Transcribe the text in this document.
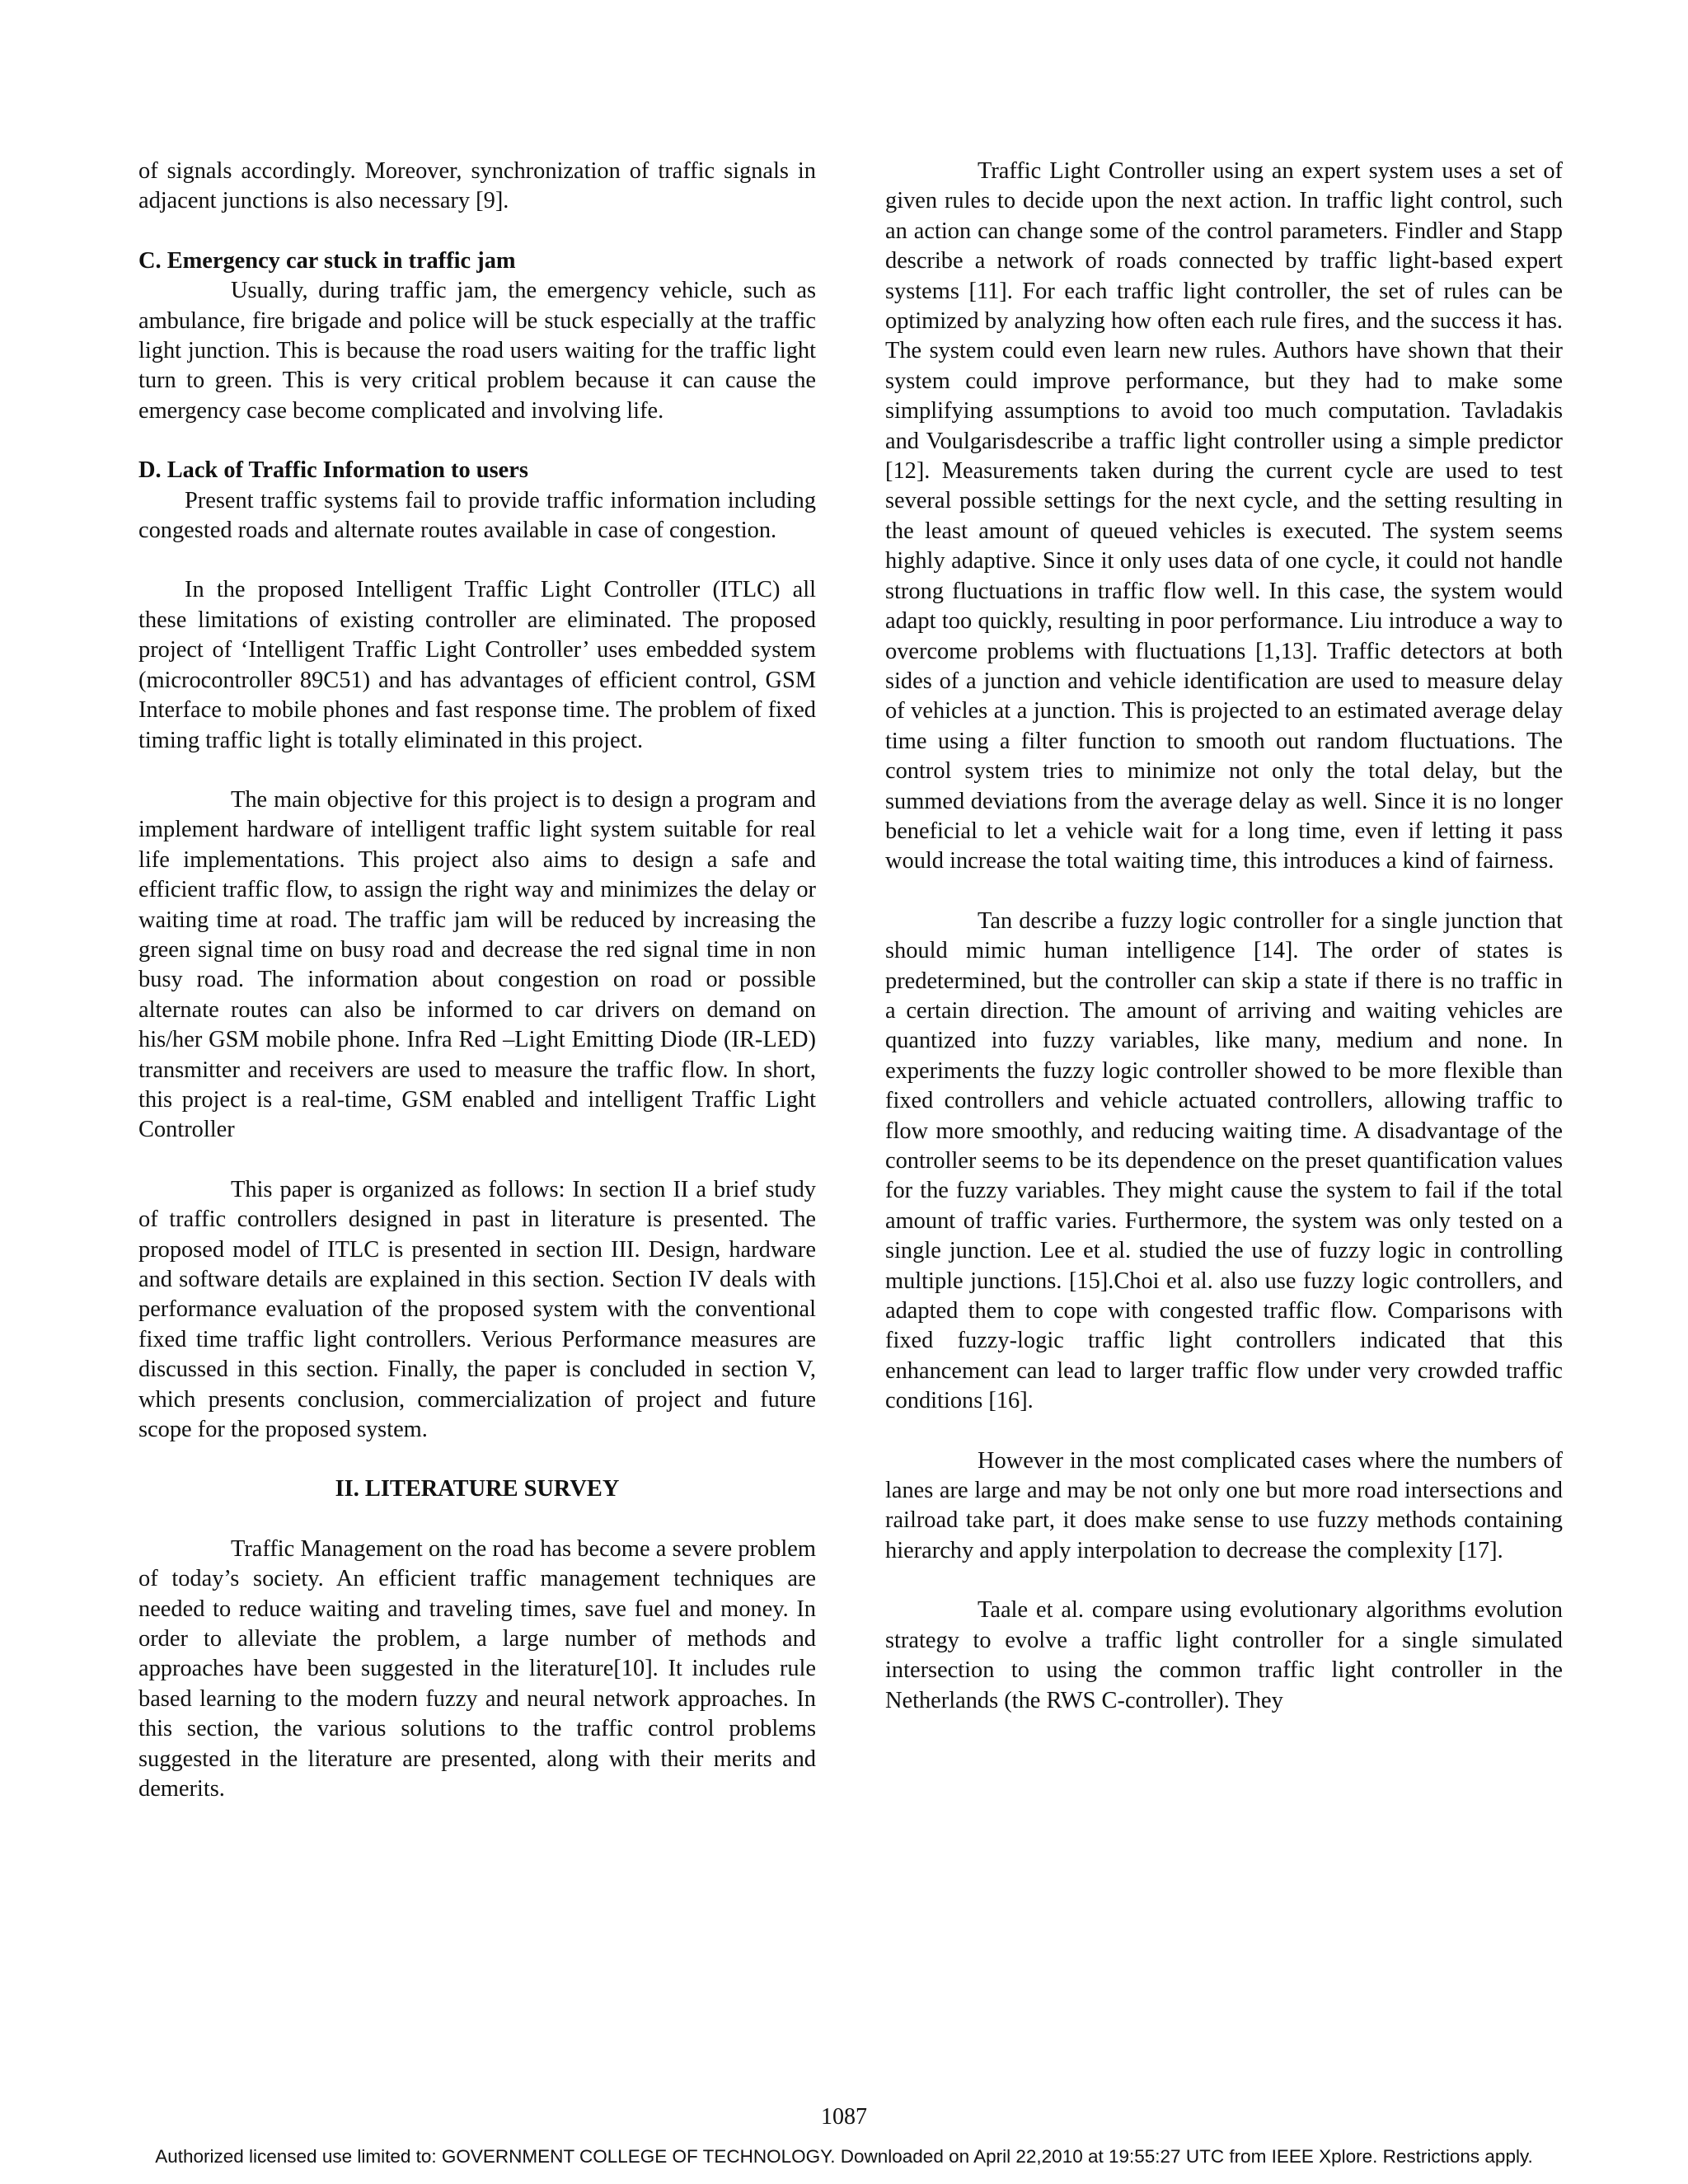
of signals accordingly. Moreover, synchronization of traffic signals in adjacent junctions is also necessary [9].

C. Emergency car stuck in traffic jam

Usually, during traffic jam, the emergency vehicle, such as ambulance, fire brigade and police will be stuck especially at the traffic light junction. This is because the road users waiting for the traffic light turn to green. This is very critical problem because it can cause the emergency case become complicated and involving life.

D. Lack of Traffic Information to users

Present traffic systems fail to provide traffic information including congested roads and alternate routes available in case of congestion.

In the proposed Intelligent Traffic Light Controller (ITLC) all these limitations of existing controller are eliminated. The proposed project of ‘Intelligent Traffic Light Controller’ uses embedded system (microcontroller 89C51) and has advantages of efficient control, GSM Interface to mobile phones and fast response time. The problem of fixed timing traffic light is totally eliminated in this project.

The main objective for this project is to design a program and implement hardware of intelligent traffic light system suitable for real life implementations. This project also aims to design a safe and efficient traffic flow, to assign the right way and minimizes the delay or waiting time at road. The traffic jam will be reduced by increasing the green signal time on busy road and decrease the red signal time in non busy road. The information about congestion on road or possible alternate routes can also be informed to car drivers on demand on his/her GSM mobile phone. Infra Red –Light Emitting Diode (IR-LED) transmitter and receivers are used to measure the traffic flow. In short, this project is a real-time, GSM enabled and intelligent Traffic Light Controller

This paper is organized as follows: In section II a brief study of traffic controllers designed in past in literature is presented. The proposed model of ITLC is presented in section III. Design, hardware and software details are explained in this section. Section IV deals with performance evaluation of the proposed system with the conventional fixed time traffic light controllers. Verious Performance measures are discussed in this section. Finally, the paper is concluded in section V, which presents conclusion, commercialization of project and future scope for the proposed system.

II. LITERATURE SURVEY

Traffic Management on the road has become a severe problem of today’s society. An efficient traffic management techniques are needed to reduce waiting and traveling times, save fuel and money. In order to alleviate the problem, a large number of methods and approaches have been suggested in the literature[10]. It includes rule based learning to the modern fuzzy and neural network approaches. In this section, the various solutions to the traffic control problems suggested in the literature are presented, along with their merits and demerits.

Traffic Light Controller using an expert system uses a set of given rules to decide upon the next action. In traffic light control, such an action can change some of the control parameters. Findler and Stapp describe a network of roads connected by traffic light-based expert systems [11]. For each traffic light controller, the set of rules can be optimized by analyzing how often each rule fires, and the success it has. The system could even learn new rules. Authors have shown that their system could improve performance, but they had to make some simplifying assumptions to avoid too much computation. Tavladakis and Voulgarisdescribe a traffic light controller using a simple predictor [12]. Measurements taken during the current cycle are used to test several possible settings for the next cycle, and the setting resulting in the least amount of queued vehicles is executed. The system seems highly adaptive. Since it only uses data of one cycle, it could not handle strong fluctuations in traffic flow well. In this case, the system would adapt too quickly, resulting in poor performance. Liu introduce a way to overcome problems with fluctuations [1,13]. Traffic detectors at both sides of a junction and vehicle identification are used to measure delay of vehicles at a junction. This is projected to an estimated average delay time using a filter function to smooth out random fluctuations. The control system tries to minimize not only the total delay, but the summed deviations from the average delay as well. Since it is no longer beneficial to let a vehicle wait for a long time, even if letting it pass would increase the total waiting time, this introduces a kind of fairness.

Tan describe a fuzzy logic controller for a single junction that should mimic human intelligence [14]. The order of states is predetermined, but the controller can skip a state if there is no traffic in a certain direction. The amount of arriving and waiting vehicles are quantized into fuzzy variables, like many, medium and none. In experiments the fuzzy logic controller showed to be more flexible than fixed controllers and vehicle actuated controllers, allowing traffic to flow more smoothly, and reducing waiting time. A disadvantage of the controller seems to be its dependence on the preset quantification values for the fuzzy variables. They might cause the system to fail if the total amount of traffic varies. Furthermore, the system was only tested on a single junction. Lee et al. studied the use of fuzzy logic in controlling multiple junctions. [15].Choi et al. also use fuzzy logic controllers, and adapted them to cope with congested traffic flow. Comparisons with fixed fuzzy-logic traffic light controllers indicated that this enhancement can lead to larger traffic flow under very crowded traffic conditions [16].

However in the most complicated cases where the numbers of lanes are large and may be not only one but more road intersections and railroad take part, it does make sense to use fuzzy methods containing hierarchy and apply interpolation to decrease the complexity [17].

Taale et al. compare using evolutionary algorithms evolution strategy to evolve a traffic light controller for a single simulated intersection to using the common traffic light controller in the Netherlands (the RWS C-controller). They

1087
Authorized licensed use limited to: GOVERNMENT COLLEGE OF TECHNOLOGY. Downloaded on April 22,2010 at 19:55:27 UTC from IEEE Xplore. Restrictions apply.
